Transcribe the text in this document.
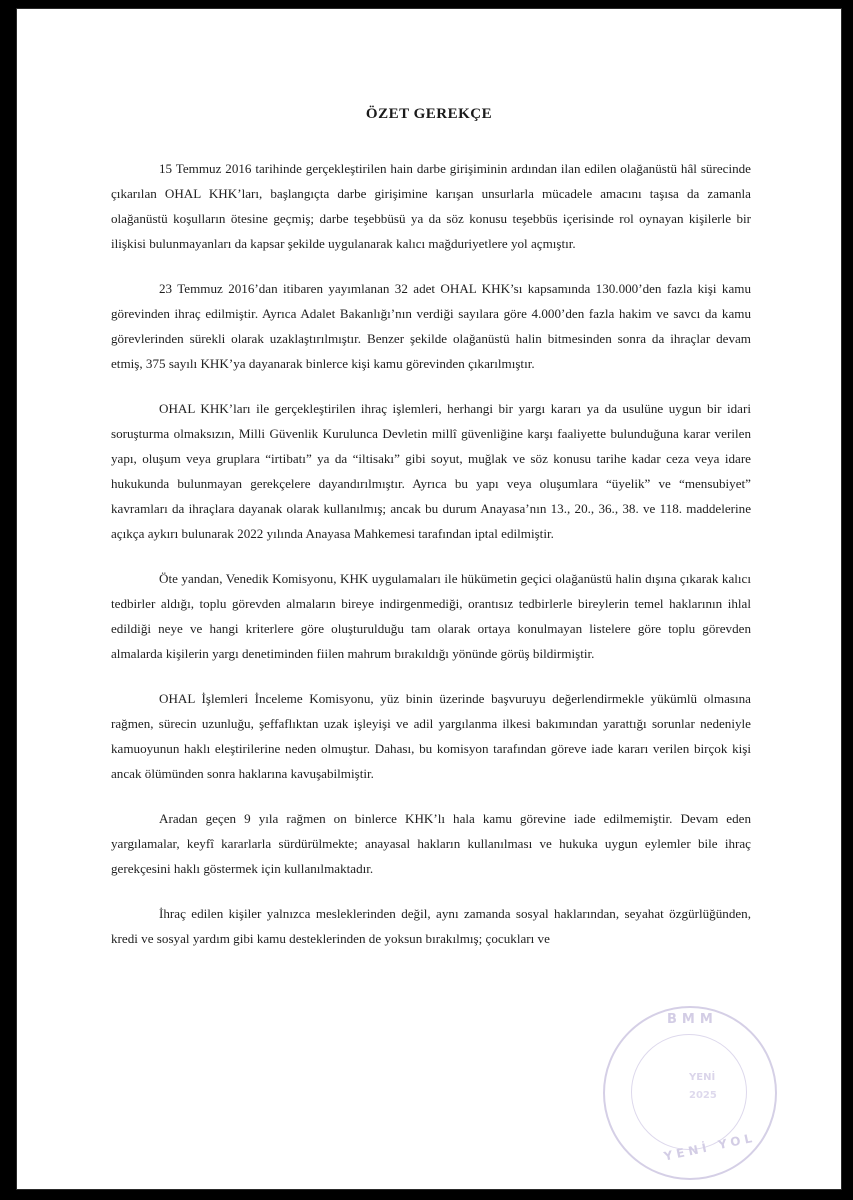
ÖZET GEREKÇE

15 Temmuz 2016 tarihinde gerçekleştirilen hain darbe girişiminin ardından ilan edilen olağanüstü hâl sürecinde çıkarılan OHAL KHK’ları, başlangıçta darbe girişimine karışan unsurlarla mücadele amacını taşısa da zamanla olağanüstü koşulların ötesine geçmiş; darbe teşebbüsü ya da söz konusu teşebbüs içerisinde rol oynayan kişilerle bir ilişkisi bulunmayanları da kapsar şekilde uygulanarak kalıcı mağduriyetlere yol açmıştır.

23 Temmuz 2016’dan itibaren yayımlanan 32 adet OHAL KHK’sı kapsamında 130.000’den fazla kişi kamu görevinden ihraç edilmiştir. Ayrıca Adalet Bakanlığı’nın verdiği sayılara göre 4.000’den fazla hakim ve savcı da kamu görevlerinden sürekli olarak uzaklaştırılmıştır. Benzer şekilde olağanüstü halin bitmesinden sonra da ihraçlar devam etmiş, 375 sayılı KHK’ya dayanarak binlerce kişi kamu görevinden çıkarılmıştır.

OHAL KHK’ları ile gerçekleştirilen ihraç işlemleri, herhangi bir yargı kararı ya da usulüne uygun bir idari soruşturma olmaksızın, Milli Güvenlik Kurulunca Devletin millî güvenliğine karşı faaliyette bulunduğuna karar verilen yapı, oluşum veya gruplara “irtibatı” ya da “iltisakı” gibi soyut, muğlak ve söz konusu tarihe kadar ceza veya idare hukukunda bulunmayan gerekçelere dayandırılmıştır. Ayrıca bu yapı veya oluşumlara “üyelik” ve “mensubiyet” kavramları da ihraçlara dayanak olarak kullanılmış; ancak bu durum Anayasa’nın 13., 20., 36., 38. ve 118. maddelerine açıkça aykırı bulunarak 2022 yılında Anayasa Mahkemesi tarafından iptal edilmiştir.

Öte yandan, Venedik Komisyonu, KHK uygulamaları ile hükümetin geçici olağanüstü halin dışına çıkarak kalıcı tedbirler aldığı, toplu görevden almaların bireye indirgenmediği, orantısız tedbirlerle bireylerin temel haklarının ihlal edildiği neye ve hangi kriterlere göre oluşturulduğu tam olarak ortaya konulmayan listelere göre toplu görevden almalarda kişilerin yargı denetiminden fiilen mahrum bırakıldığı yönünde görüş bildirmiştir.

OHAL İşlemleri İnceleme Komisyonu, yüz binin üzerinde başvuruyu değerlendirmekle yükümlü olmasına rağmen, sürecin uzunluğu, şeffaflıktan uzak işleyişi ve adil yargılanma ilkesi bakımından yarattığı sorunlar nedeniyle kamuoyunun haklı eleştirilerine neden olmuştur. Dahası, bu komisyon tarafından göreve iade kararı verilen birçok kişi ancak ölümünden sonra haklarına kavuşabilmiştir.

Aradan geçen 9 yıla rağmen on binlerce KHK’lı hala kamu görevine iade edilmemiştir. Devam eden yargılamalar, keyfî kararlarla sürdürülmekte; anayasal hakların kullanılması ve hukuka uygun eylemler bile ihraç gerekçesini haklı göstermek için kullanılmaktadır.

İhraç edilen kişiler yalnızca mesleklerinden değil, aynı zamanda sosyal haklarından, seyahat özgürlüğünden, kredi ve sosyal yardım gibi kamu desteklerinden de yoksun bırakılmış; çocukları ve

BMM
YENİ
2025
YENİ YOL
